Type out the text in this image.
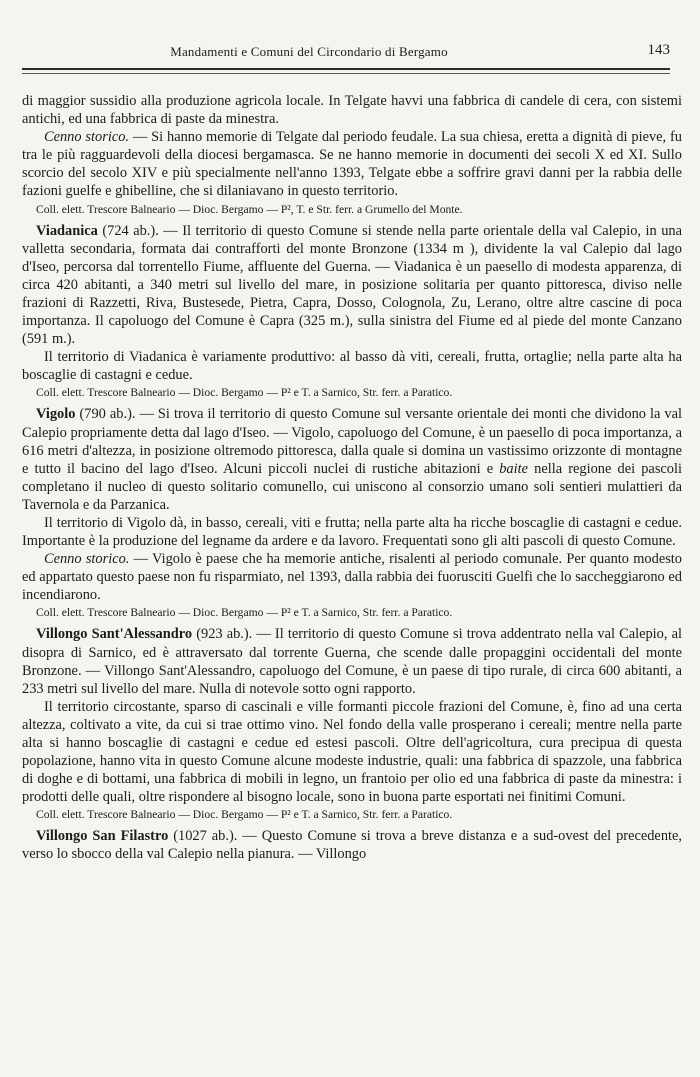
Mandamenti e Comuni del Circondario di Bergamo	143

di maggior sussidio alla produzione agricola locale. In Telgate havvi una fabbrica di candele di cera, con sistemi antichi, ed una fabbrica di paste da minestra.

Cenno storico. — Si hanno memorie di Telgate dal periodo feudale. La sua chiesa, eretta a dignità di pieve, fu tra le più ragguardevoli della diocesi bergamasca. Se ne hanno memorie in documenti dei secoli X ed XI. Sullo scorcio del secolo XIV e più specialmente nell'anno 1393, Telgate ebbe a soffrire gravi danni per la rabbia delle fazioni guelfe e ghibelline, che si dilaniavano in questo territorio.

Coll. elett. Trescore Balneario — Dioc. Bergamo — P², T. e Str. ferr. a Grumello del Monte.

Viadanica (724 ab.). — Il territorio di questo Comune si stende nella parte orientale della val Calepio, in una valletta secondaria, formata dai contrafforti del monte Bronzone (1334 m ), dividente la val Calepio dal lago d'Iseo, percorsa dal torrentello Fiume, affluente del Guerna. — Viadanica è un paesello di modesta apparenza, di circa 420 abitanti, a 340 metri sul livello del mare, in posizione solitaria per quanto pittoresca, diviso nelle frazioni di Razzetti, Riva, Bustesede, Pietra, Capra, Dosso, Colognola, Zu, Lerano, oltre altre cascine di poca importanza. Il capoluogo del Comune è Capra (325 m.), sulla sinistra del Fiume ed al piede del monte Canzano (591 m.).

Il territorio di Viadanica è variamente produttivo: al basso dà viti, cereali, frutta, ortaglie; nella parte alta ha boscaglie di castagni e cedue.

Coll. elett. Trescore Balneario — Dioc. Bergamo — P² e T. a Sarnico, Str. ferr. a Paratico.

Vigolo (790 ab.). — Si trova il territorio di questo Comune sul versante orientale dei monti che dividono la val Calepio propriamente detta dal lago d'Iseo. — Vigolo, capoluogo del Comune, è un paesello di poca importanza, a 616 metri d'altezza, in posizione oltremodo pittoresca, dalla quale si domina un vastissimo orizzonte di montagne e tutto il bacino del lago d'Iseo. Alcuni piccoli nuclei di rustiche abitazioni e baite nella regione dei pascoli completano il nucleo di questo solitario comunello, cui uniscono al consorzio umano soli sentieri mulattieri da Tavernola e da Parzanica.

Il territorio di Vigolo dà, in basso, cereali, viti e frutta; nella parte alta ha ricche boscaglie di castagni e cedue. Importante è la produzione del legname da ardere e da lavoro. Frequentati sono gli alti pascoli di questo Comune.

Cenno storico. — Vigolo è paese che ha memorie antiche, risalenti al periodo comunale. Per quanto modesto ed appartato questo paese non fu risparmiato, nel 1393, dalla rabbia dei fuorusciti Guelfi che lo saccheggiarono ed incendiarono.

Coll. elett. Trescore Balneario — Dioc. Bergamo — P² e T. a Sarnico, Str. ferr. a Paratico.

Villongo Sant'Alessandro (923 ab.). — Il territorio di questo Comune si trova addentrato nella val Calepio, al disopra di Sarnico, ed è attraversato dal torrente Guerna, che scende dalle propaggini occidentali del monte Bronzone. — Villongo Sant'Alessandro, capoluogo del Comune, è un paese di tipo rurale, di circa 600 abitanti, a 233 metri sul livello del mare. Nulla di notevole sotto ogni rapporto.

Il territorio circostante, sparso di cascinali e ville formanti piccole frazioni del Comune, è, fino ad una certa altezza, coltivato a vite, da cui si trae ottimo vino. Nel fondo della valle prosperano i cereali; mentre nella parte alta si hanno boscaglie di castagni e cedue ed estesi pascoli. Oltre dell'agricoltura, cura precipua di questa popolazione, hanno vita in questo Comune alcune modeste industrie, quali: una fabbrica di spazzole, una fabbrica di doghe e di bottami, una fabbrica di mobili in legno, un frantoio per olio ed una fabbrica di paste da minestra: i prodotti delle quali, oltre rispondere al bisogno locale, sono in buona parte esportati nei finitimi Comuni.

Coll. elett. Trescore Balneario — Dioc. Bergamo — P² e T. a Sarnico, Str. ferr. a Paratico.

Villongo San Filastro (1027 ab.). — Questo Comune si trova a breve distanza e a sud-ovest del precedente, verso lo sbocco della val Calepio nella pianura. — Villongo
